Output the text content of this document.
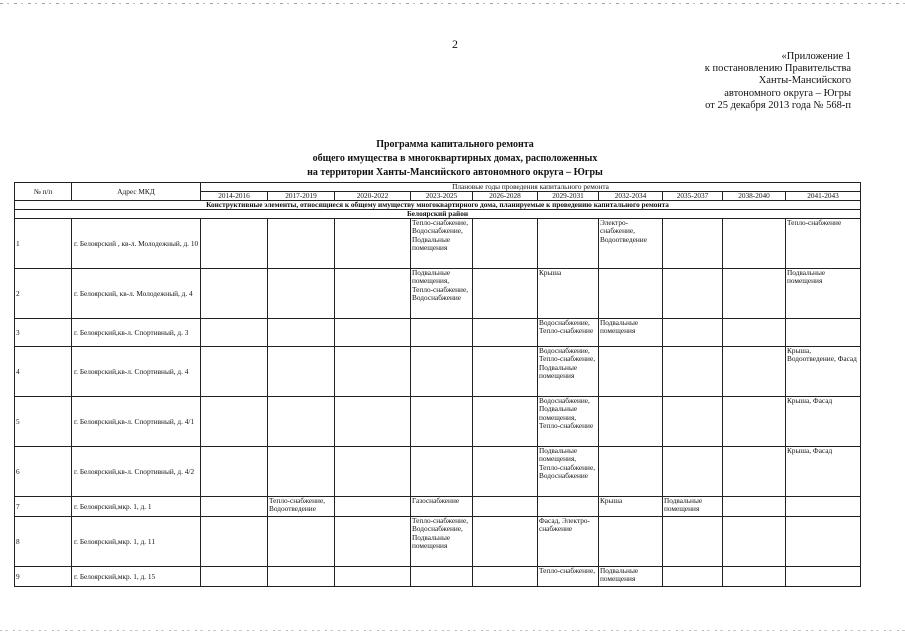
2
«Приложение 1
к постановлению Правительства
Ханты-Мансийского
автономного округа – Югры
от 25 декабря 2013 года № 568-п
Программа капитального ремонта
общего имущества в многоквартирных домах, расположенных
на территории Ханты-Мансийского автономного округа – Югры
№ п/п	Адрес МКД	Плановые годы проведения капитального ремонта									
		2014-2016	2017-2019	2020-2022	2023-2025	2026-2028	2029-2031	2032-2034	2035-2037	2038-2040	2041-2043
Конструктивные элементы, относящиеся к общему имуществу многоквартирного дома, планируемые к проведению капитального ремонта											
Белоярский район											
1	г. Белоярский , кв-л. Молодежный, д. 10				Тепло-снабжение, Водоснабжение, Подвальные помещения			Электро-снабжение, Водоотведение			Тепло-снабжение
2	г. Белоярский, кв-л. Молодежный, д. 4				Подвальные помещения, Тепло-снабжение, Водоснабжение		Крыша				Подвальные помещения
3	г. Белоярский,кв-л. Спортивный, д. 3						Водоснабжение, Тепло-снабжение	Подвальные помещения			
4	г. Белоярский,кв-л. Спортивный, д. 4						Водоснабжение, Тепло-снабжение, Подвальные помещения				Крыша, Водоотведение, Фасад
5	г. Белоярский,кв-л. Спортивный, д. 4/1						Водоснабжение, Подвальные помещения, Тепло-снабжение				Крыша, Фасад
6	г. Белоярский,кв-л. Спортивный, д. 4/2						Подвальные помещения, Тепло-снабжение, Водоснабжение				Крыша, Фасад
7	г. Белоярский,мкр. 1, д. 1		Тепло-снабжение, Водоотведение		Газоснабжение			Крыша	Подвальные помещения		
8	г. Белоярский,мкр. 1, д. 11				Тепло-снабжение, Водоснабжение, Подвальные помещения		Фасад, Электро-снабжение				
9	г. Белоярский,мкр. 1, д. 15						Тепло-снабжение,	Подвальные помещения			
